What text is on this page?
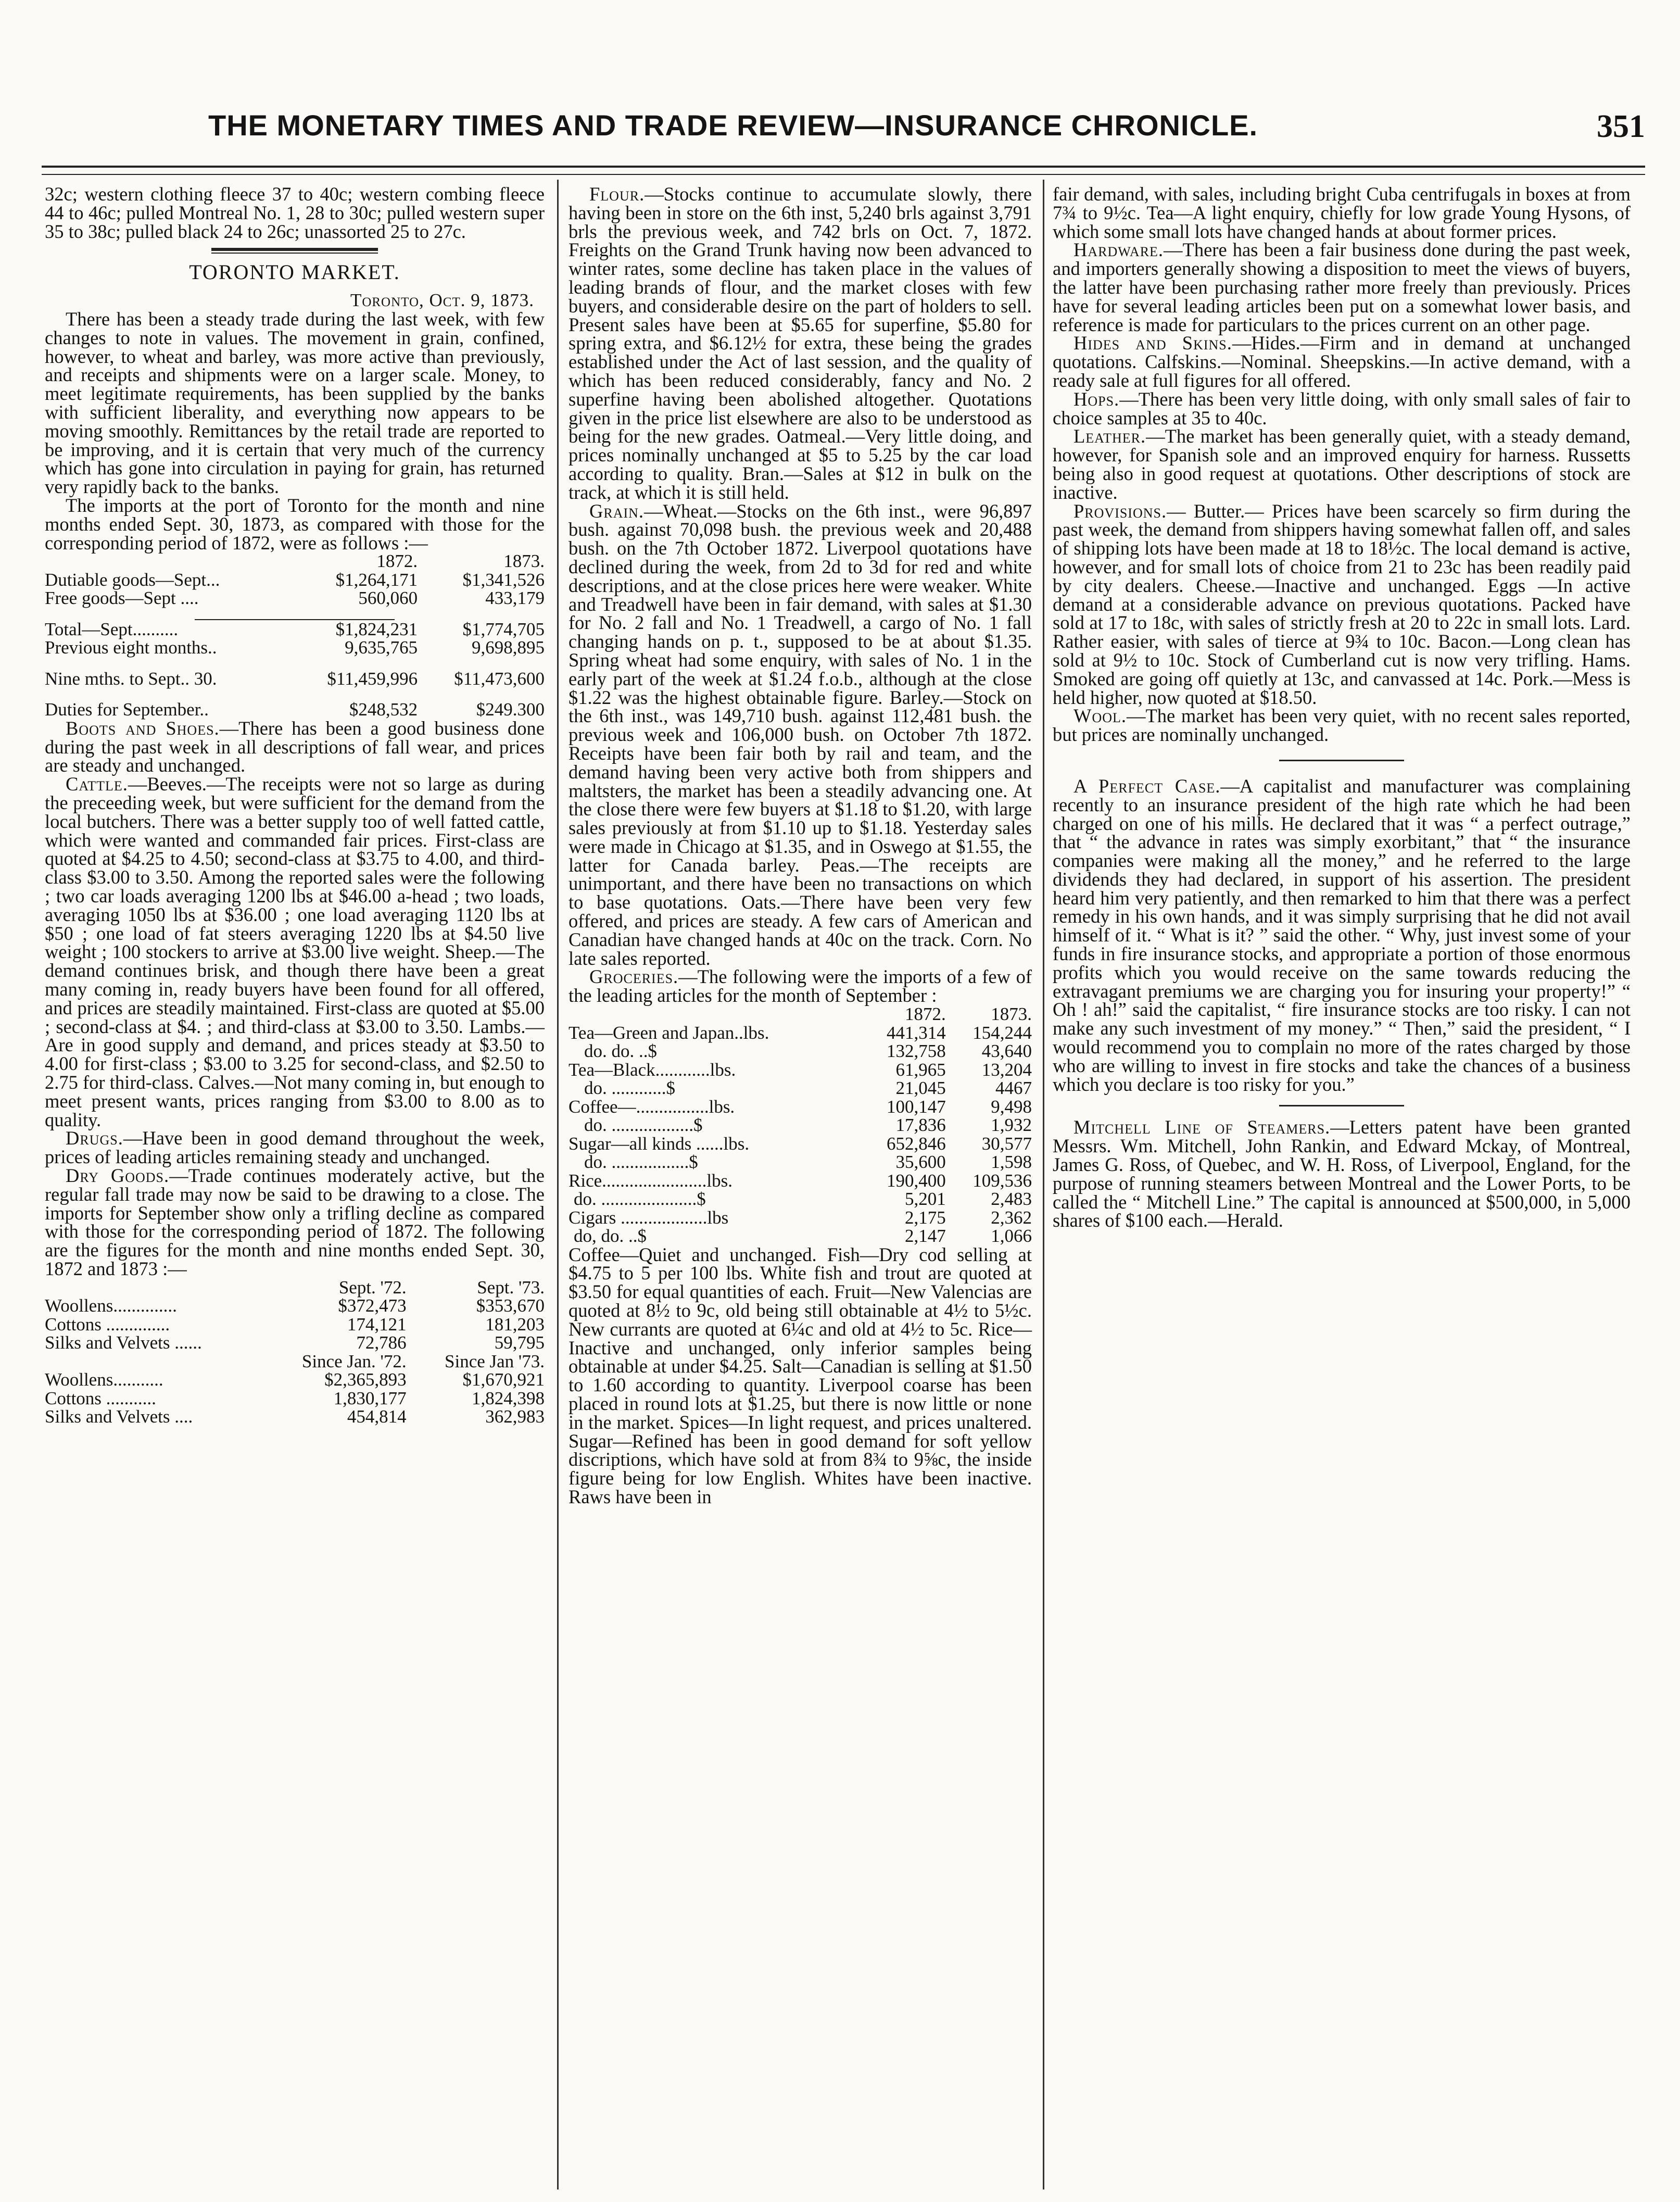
THE MONETARY TIMES AND TRADE REVIEW—INSURANCE CHRONICLE.	351

32c; western clothing fleece 37 to 40c; western combing fleece 44 to 46c; pulled Montreal No. 1, 28 to 30c; pulled western super 35 to 38c; pulled black 24 to 26c; unassorted 25 to 27c.

TORONTO MARKET.
Toronto, Oct. 9, 1873.

There has been a steady trade during the last week, with few changes to note in values. The movement in grain, confined, however, to wheat and barley, was more active than previously, and receipts and shipments were on a larger scale. Money, to meet legitimate requirements, has been supplied by the banks with sufficient liberality, and everything now appears to be moving smoothly. Remittances by the retail trade are reported to be improving, and it is certain that very much of the currency which has gone into circulation in paying for grain, has returned very rapidly back to the banks.

The imports at the port of Toronto for the month and nine months ended Sept. 30, 1873, as compared with those for the corresponding period of 1872, were as follows :—

	1872.	1873.
Dutiable goods—Sept...	$1,264,171	$1,341,526
Free goods—Sept ....	560,060	433,179

Total—Sept..........	$1,824,231	$1,774,705
Previous eight months..	9,635,765	9,698,895

Nine mths. to Sept.. 30.	$11,459,996	$11,473,600

Duties for September..	$248,532	$249.300

Boots and Shoes.—There has been a good business done during the past week in all descriptions of fall wear, and prices are steady and unchanged.

Cattle.—Beeves.—The receipts were not so large as during the preceeding week, but were sufficient for the demand from the local butchers. There was a better supply too of well fatted cattle, which were wanted and commanded fair prices. First-class are quoted at $4.25 to 4.50; second-class at $3.75 to 4.00, and third-class $3.00 to 3.50. Among the reported sales were the following ; two car loads averaging 1200 lbs at $46.00 a-head ; two loads, averaging 1050 lbs at $36.00 ; one load averaging 1120 lbs at $50 ; one load of fat steers averaging 1220 lbs at $4.50 live weight ; 100 stockers to arrive at $3.00 live weight. Sheep.—The demand continues brisk, and though there have been a great many coming in, ready buyers have been found for all offered, and prices are steadily maintained. First-class are quoted at $5.00 ; second-class at $4. ; and third-class at $3.00 to 3.50. Lambs.—Are in good supply and demand, and prices steady at $3.50 to 4.00 for first-class ; $3.00 to 3.25 for second-class, and $2.50 to 2.75 for third-class. Calves.—Not many coming in, but enough to meet present wants, prices ranging from $3.00 to 8.00 as to quality.

Drugs.—Have been in good demand throughout the week, prices of leading articles remaining steady and unchanged.

Dry Goods.—Trade continues moderately active, but the regular fall trade may now be said to be drawing to a close. The imports for September show only a trifling decline as compared with those for the corresponding period of 1872. The following are the figures for the month and nine months ended Sept. 30, 1872 and 1873 :—

	Sept. '72.	Sept. '73.
Woollens..............	$372,473	$353,670
Cottons ..............	174,121	181,203
Silks and Velvets ......	72,786	59,795
	Since Jan. '72.	Since Jan '73.
Woollens...........	$2,365,893	$1,670,921
Cottons ...........	1,830,177	1,824,398
Silks and Velvets ....	454,814	362,983

Flour.—Stocks continue to accumulate slowly, there having been in store on the 6th inst, 5,240 brls against 3,791 brls the previous week, and 742 brls on Oct. 7, 1872. Freights on the Grand Trunk having now been advanced to winter rates, some decline has taken place in the values of leading brands of flour, and the market closes with few buyers, and considerable desire on the part of holders to sell. Present sales have been at $5.65 for superfine, $5.80 for spring extra, and $6.12½ for extra, these being the grades established under the Act of last session, and the quality of which has been reduced considerably, fancy and No. 2 superfine having been abolished altogether. Quotations given in the price list elsewhere are also to be understood as being for the new grades. Oatmeal.—Very little doing, and prices nominally unchanged at $5 to 5.25 by the car load according to quality. Bran.—Sales at $12 in bulk on the track, at which it is still held.

Grain.—Wheat.—Stocks on the 6th inst., were 96,897 bush. against 70,098 bush. the previous week and 20,488 bush. on the 7th October 1872. Liverpool quotations have declined during the week, from 2d to 3d for red and white descriptions, and at the close prices here were weaker. White and Treadwell have been in fair demand, with sales at $1.30 for No. 2 fall and No. 1 Treadwell, a cargo of No. 1 fall changing hands on p. t., supposed to be at about $1.35. Spring wheat had some enquiry, with sales of No. 1 in the early part of the week at $1.24 f.o.b., although at the close $1.22 was the highest obtainable figure. Barley.—Stock on the 6th inst., was 149,710 bush. against 112,481 bush. the previous week and 106,000 bush. on October 7th 1872. Receipts have been fair both by rail and team, and the demand having been very active both from shippers and maltsters, the market has been a steadily advancing one. At the close there were few buyers at $1.18 to $1.20, with large sales previously at from $1.10 up to $1.18. Yesterday sales were made in Chicago at $1.35, and in Oswego at $1.55, the latter for Canada barley. Peas.—The receipts are unimportant, and there have been no transactions on which to base quotations. Oats.—There have been very few offered, and prices are steady. A few cars of American and Canadian have changed hands at 40c on the track. Corn. No late sales reported.

Groceries.—The following were the imports of a few of the leading articles for the month of September :

	1872.	1873.
Tea—Green and Japan..lbs.	441,314	154,244
do. do. ..$	132,758	43,640
Tea—Black............lbs.	61,965	13,204
do. ............$	21,045	4467
Coffee—................lbs.	100,147	9,498
do. ..................$	17,836	1,932
Sugar—all kinds ......lbs.	652,846	30,577
do. .................$	35,600	1,598
Rice.......................lbs.	190,400	109,536
do. .....................$	5,201	2,483
Cigars ...................lbs	2,175	2,362
do, do. ..$	2,147	1,066

Coffee—Quiet and unchanged. Fish—Dry cod selling at $4.75 to 5 per 100 lbs. White fish and trout are quoted at $3.50 for equal quantities of each. Fruit—New Valencias are quoted at 8½ to 9c, old being still obtainable at 4½ to 5½c. New currants are quoted at 6¼c and old at 4½ to 5c. Rice—Inactive and unchanged, only inferior samples being obtainable at under $4.25. Salt—Canadian is selling at $1.50 to 1.60 according to quantity. Liverpool coarse has been placed in round lots at $1.25, but there is now little or none in the market. Spices—In light request, and prices unaltered. Sugar—Refined has been in good demand for soft yellow discriptions, which have sold at from 8¾ to 9⅝c, the inside figure being for low English. Whites have been inactive. Raws have been in

fair demand, with sales, including bright Cuba centrifugals in boxes at from 7¾ to 9½c. Tea—A light enquiry, chiefly for low grade Young Hysons, of which some small lots have changed hands at about former prices.

Hardware.—There has been a fair business done during the past week, and importers generally showing a disposition to meet the views of buyers, the latter have been purchasing rather more freely than previously. Prices have for several leading articles been put on a somewhat lower basis, and reference is made for particulars to the prices current on an other page.

Hides and Skins.—Hides.—Firm and in demand at unchanged quotations. Calfskins.—Nominal. Sheepskins.—In active demand, with a ready sale at full figures for all offered.

Hops.—There has been very little doing, with only small sales of fair to choice samples at 35 to 40c.

Leather.—The market has been generally quiet, with a steady demand, however, for Spanish sole and an improved enquiry for harness. Russetts being also in good request at quotations. Other descriptions of stock are inactive.

Provisions.— Butter.— Prices have been scarcely so firm during the past week, the demand from shippers having somewhat fallen off, and sales of shipping lots have been made at 18 to 18½c. The local demand is active, however, and for small lots of choice from 21 to 23c has been readily paid by city dealers. Cheese.—Inactive and unchanged. Eggs —In active demand at a considerable advance on previous quotations. Packed have sold at 17 to 18c, with sales of strictly fresh at 20 to 22c in small lots. Lard. Rather easier, with sales of tierce at 9¾ to 10c. Bacon.—Long clean has sold at 9½ to 10c. Stock of Cumberland cut is now very trifling. Hams. Smoked are going off quietly at 13c, and canvassed at 14c. Pork.—Mess is held higher, now quoted at $18.50.

Wool.—The market has been very quiet, with no recent sales reported, but prices are nominally unchanged.

A Perfect Case.—A capitalist and manufacturer was complaining recently to an insurance president of the high rate which he had been charged on one of his mills. He declared that it was “ a perfect outrage,” that “ the advance in rates was simply exorbitant,” that “ the insurance companies were making all the money,” and he referred to the large dividends they had declared, in support of his assertion. The president heard him very patiently, and then remarked to him that there was a perfect remedy in his own hands, and it was simply surprising that he did not avail himself of it. “ What is it? ” said the other. “ Why, just invest some of your funds in fire insurance stocks, and appropriate a portion of those enormous profits which you would receive on the same towards reducing the extravagant premiums we are charging you for insuring your property!” “ Oh ! ah!” said the capitalist, “ fire insurance stocks are too risky. I can not make any such investment of my money.” “ Then,” said the president, “ I would recommend you to complain no more of the rates charged by those who are willing to invest in fire stocks and take the chances of a business which you declare is too risky for you.”

Mitchell Line of Steamers.—Letters patent have been granted Messrs. Wm. Mitchell, John Rankin, and Edward Mckay, of Montreal, James G. Ross, of Quebec, and W. H. Ross, of Liverpool, England, for the purpose of running steamers between Montreal and the Lower Ports, to be called the “ Mitchell Line.” The capital is announced at $500,000, in 5,000 shares of $100 each.—Herald.
